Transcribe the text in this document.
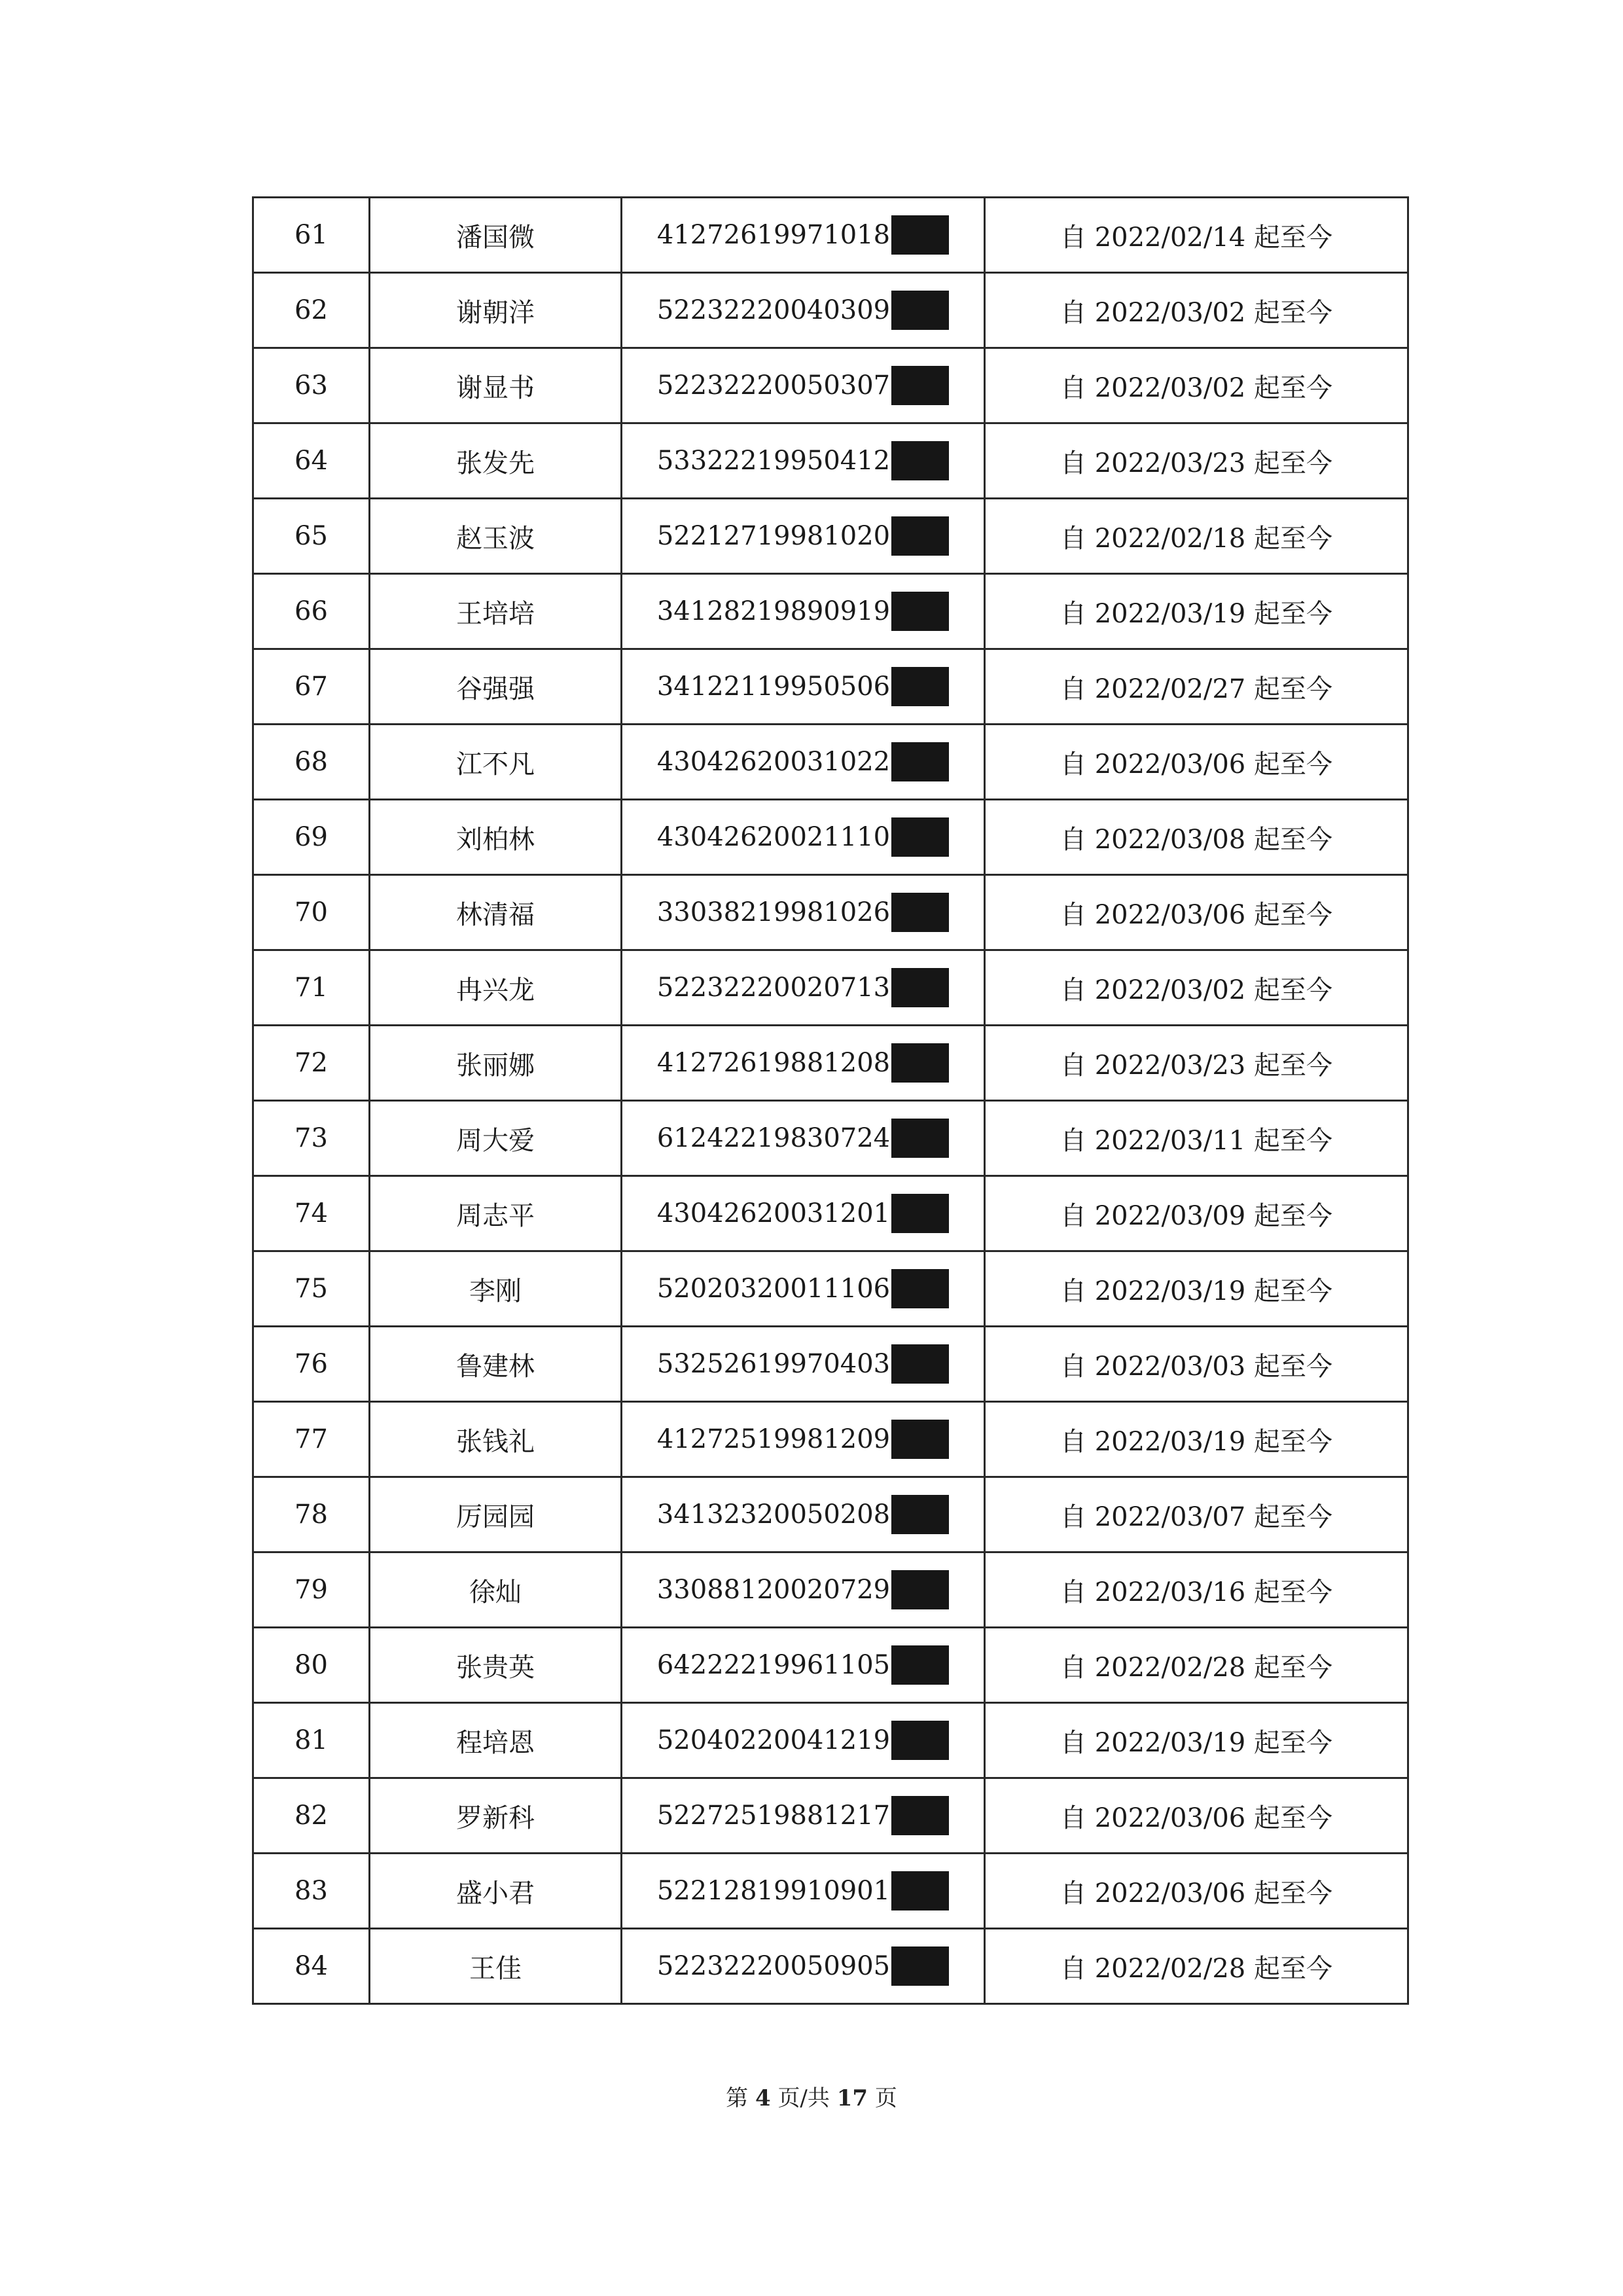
61	潘国微	41272619971018	自 2022/02/14 起至今
62	谢朝洋	52232220040309	自 2022/03/02 起至今
63	谢显书	52232220050307	自 2022/03/02 起至今
64	张发先	53322219950412	自 2022/03/23 起至今
65	赵玉波	52212719981020	自 2022/02/18 起至今
66	王培培	34128219890919	自 2022/03/19 起至今
67	谷强强	34122119950506	自 2022/02/27 起至今
68	江不凡	43042620031022	自 2022/03/06 起至今
69	刘柏林	43042620021110	自 2022/03/08 起至今
70	林清福	33038219981026	自 2022/03/06 起至今
71	冉兴龙	52232220020713	自 2022/03/02 起至今
72	张丽娜	41272619881208	自 2022/03/23 起至今
73	周大爱	61242219830724	自 2022/03/11 起至今
74	周志平	43042620031201	自 2022/03/09 起至今
75	李刚	52020320011106	自 2022/03/19 起至今
76	鲁建林	53252619970403	自 2022/03/03 起至今
77	张钱礼	41272519981209	自 2022/03/19 起至今
78	厉园园	34132320050208	自 2022/03/07 起至今
79	徐灿	33088120020729	自 2022/03/16 起至今
80	张贵英	64222219961105	自 2022/02/28 起至今
81	程培恩	52040220041219	自 2022/03/19 起至今
82	罗新科	52272519881217	自 2022/03/06 起至今
83	盛小君	52212819910901	自 2022/03/06 起至今
84	王佳	52232220050905	自 2022/02/28 起至今
第 4 页/共 17 页
